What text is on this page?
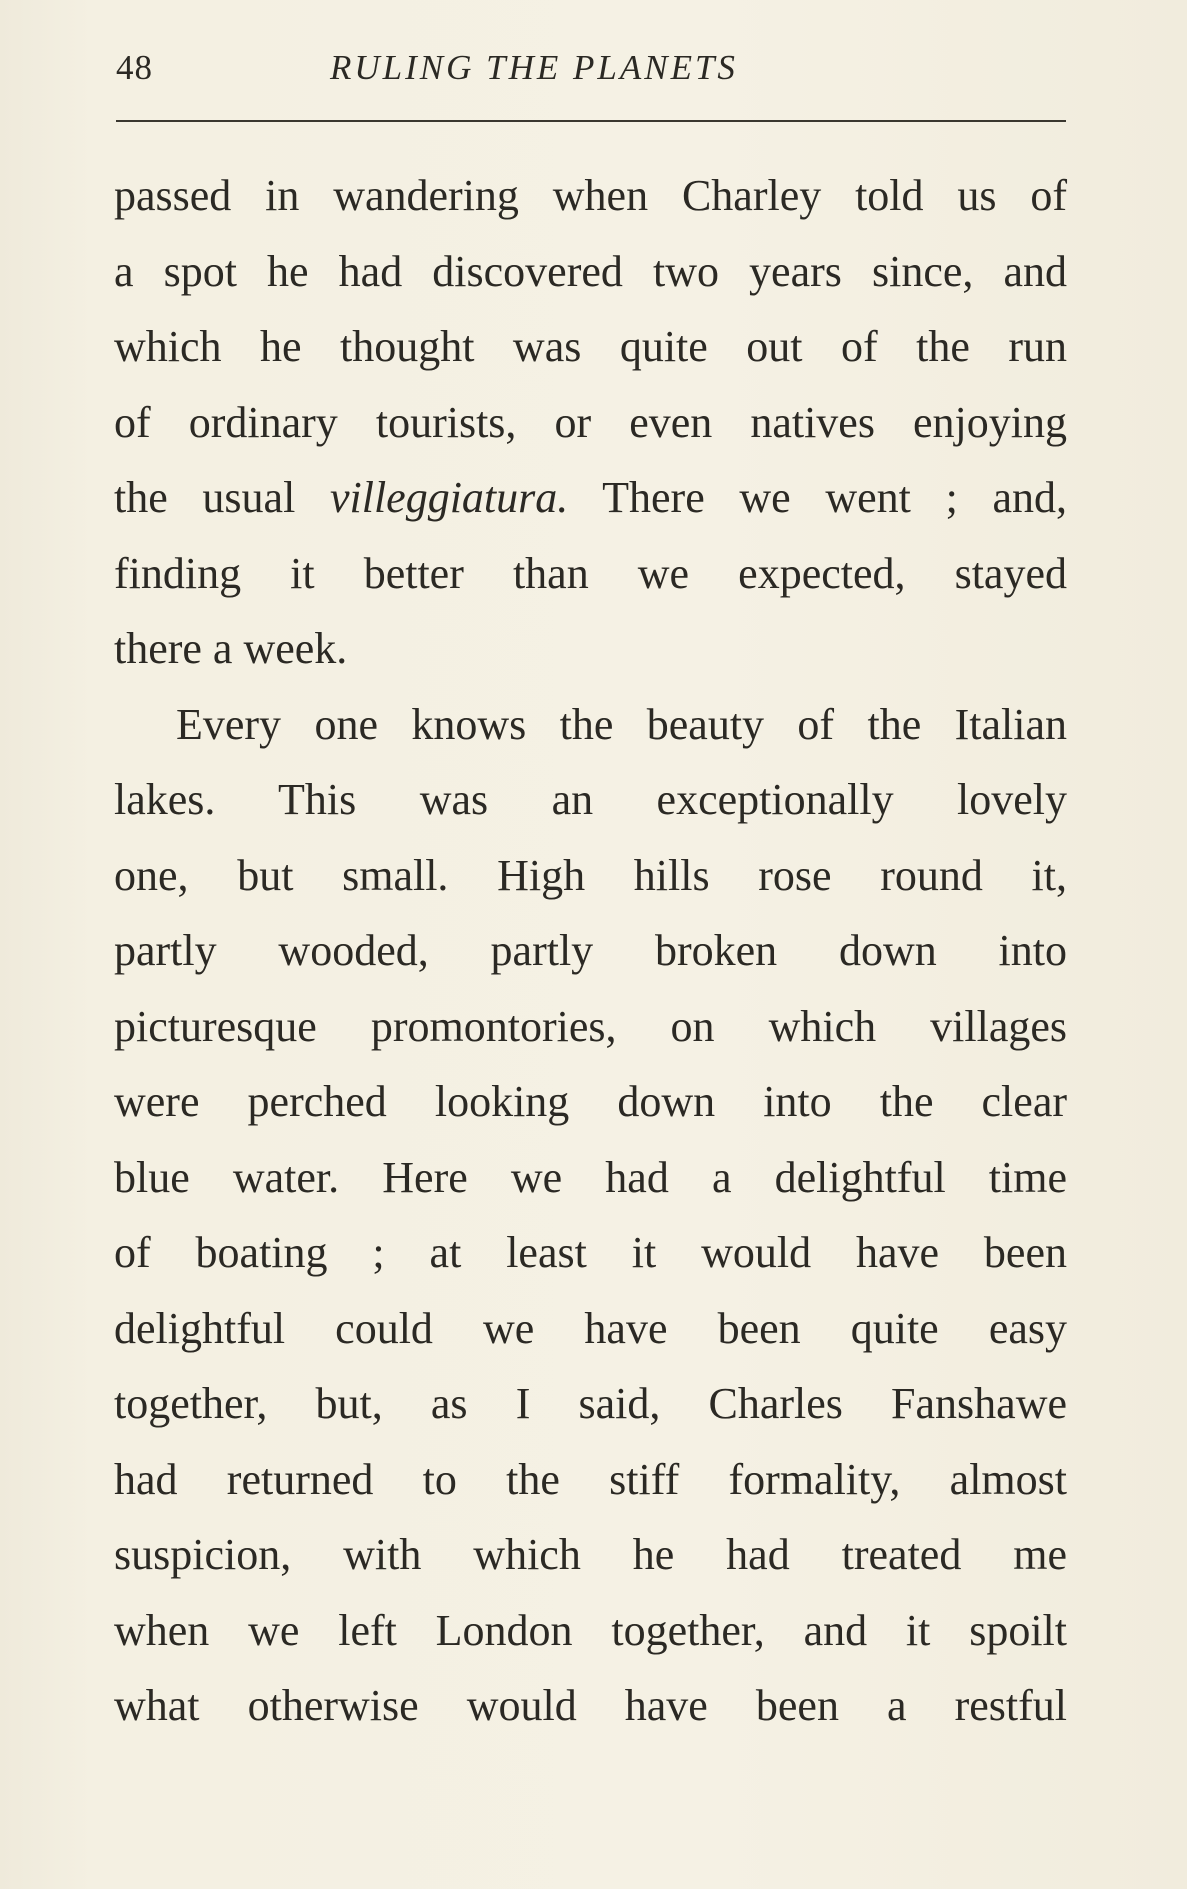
48	RULING THE PLANETS
passed in wandering when Charley told us of
a spot he had discovered two years since, and
which he thought was quite out of the run
of ordinary tourists, or even natives enjoying
the usual villeggiatura. There we went ; and,
finding it better than we expected, stayed
there a week.
Every one knows the beauty of the Italian
lakes. This was an exceptionally lovely
one, but small. High hills rose round it,
partly wooded, partly broken down into
picturesque promontories, on which villages
were perched looking down into the clear
blue water. Here we had a delightful time
of boating ; at least it would have been
delightful could we have been quite easy
together, but, as I said, Charles Fanshawe
had returned to the stiff formality, almost
suspicion, with which he had treated me
when we left London together, and it spoilt
what otherwise would have been a restful
